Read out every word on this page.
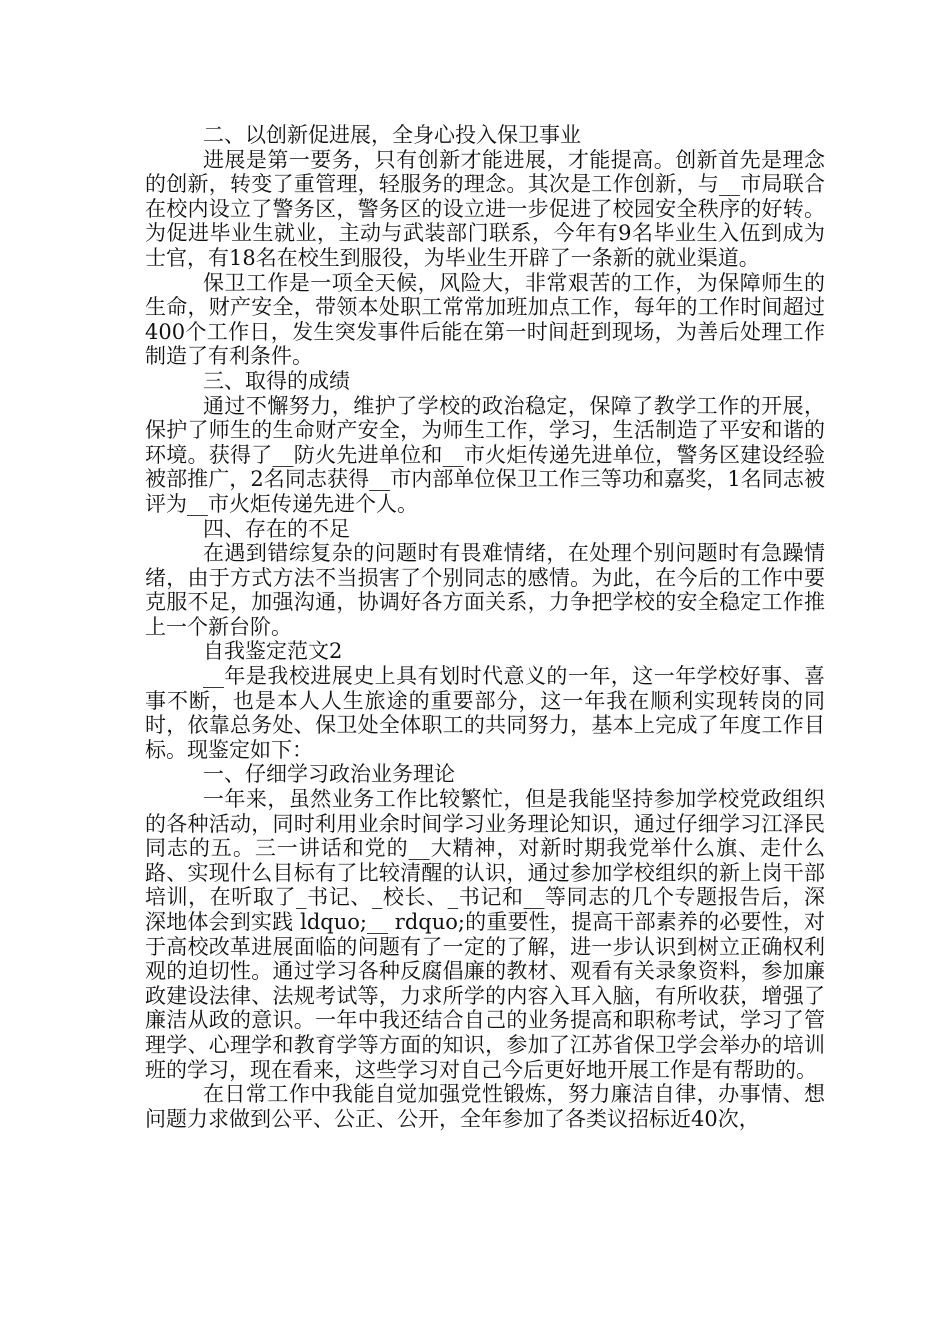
二、以创新促进展，全身心投入保卫事业

进展是第一要务，只有创新才能进展，才能提高。创新首先是理念的创新，转变了重管理，轻服务的理念。其次是工作创新，与__市局联合在校内设立了警务区，警务区的设立进一步促进了校园安全秩序的好转。为促进毕业生就业，主动与武装部门联系，今年有9名毕业生入伍到成为士官，有18名在校生到服役，为毕业生开辟了一条新的就业渠道。

保卫工作是一项全天候，风险大，非常艰苦的工作，为保障师生的生命，财产安全，带领本处职工常常加班加点工作，每年的工作时间超过400个工作日，发生突发事件后能在第一时间赶到现场，为善后处理工作制造了有利条件。

三、取得的成绩

通过不懈努力，维护了学校的政治稳定，保障了教学工作的开展，保护了师生的生命财产安全，为师生工作，学习，生活制造了平安和谐的环境。获得了__防火先进单位和__市火炬传递先进单位，警务区建设经验被部推广，2名同志获得__市内部单位保卫工作三等功和嘉奖，1名同志被评为__市火炬传递先进个人。

四、存在的不足

在遇到错综复杂的问题时有畏难情绪，在处理个别问题时有急躁情绪，由于方式方法不当损害了个别同志的感情。为此，在今后的工作中要克服不足，加强沟通，协调好各方面关系，力争把学校的安全稳定工作推上一个新台阶。

自我鉴定范文2

__年是我校进展史上具有划时代意义的一年，这一年学校好事、喜事不断，也是本人人生旅途的重要部分，这一年我在顺利实现转岗的同时，依靠总务处、保卫处全体职工的共同努力，基本上完成了年度工作目标。现鉴定如下：

一、仔细学习政治业务理论

一年来，虽然业务工作比较繁忙，但是我能坚持参加学校党政组织的各种活动，同时利用业余时间学习业务理论知识，通过仔细学习江泽民同志的五。三一讲话和党的__大精神，对新时期我党举什么旗、走什么路、实现什么目标有了比较清醒的认识，通过参加学校组织的新上岗干部培训，在听取了_书记、_校长、_书记和__等同志的几个专题报告后，深深地体会到实践 ldquo;__ rdquo;的重要性，提高干部素养的必要性，对于高校改革进展面临的问题有了一定的了解，进一步认识到树立正确权利观的迫切性。通过学习各种反腐倡廉的教材、观看有关录象资料，参加廉政建设法律、法规考试等，力求所学的内容入耳入脑，有所收获，增强了廉洁从政的意识。一年中我还结合自己的业务提高和职称考试，学习了管理学、心理学和教育学等方面的知识，参加了江苏省保卫学会举办的培训班的学习，现在看来，这些学习对自己今后更好地开展工作是有帮助的。

在日常工作中我能自觉加强党性锻炼，努力廉洁自律，办事情、想问题力求做到公平、公正、公开，全年参加了各类议招标近40次，
